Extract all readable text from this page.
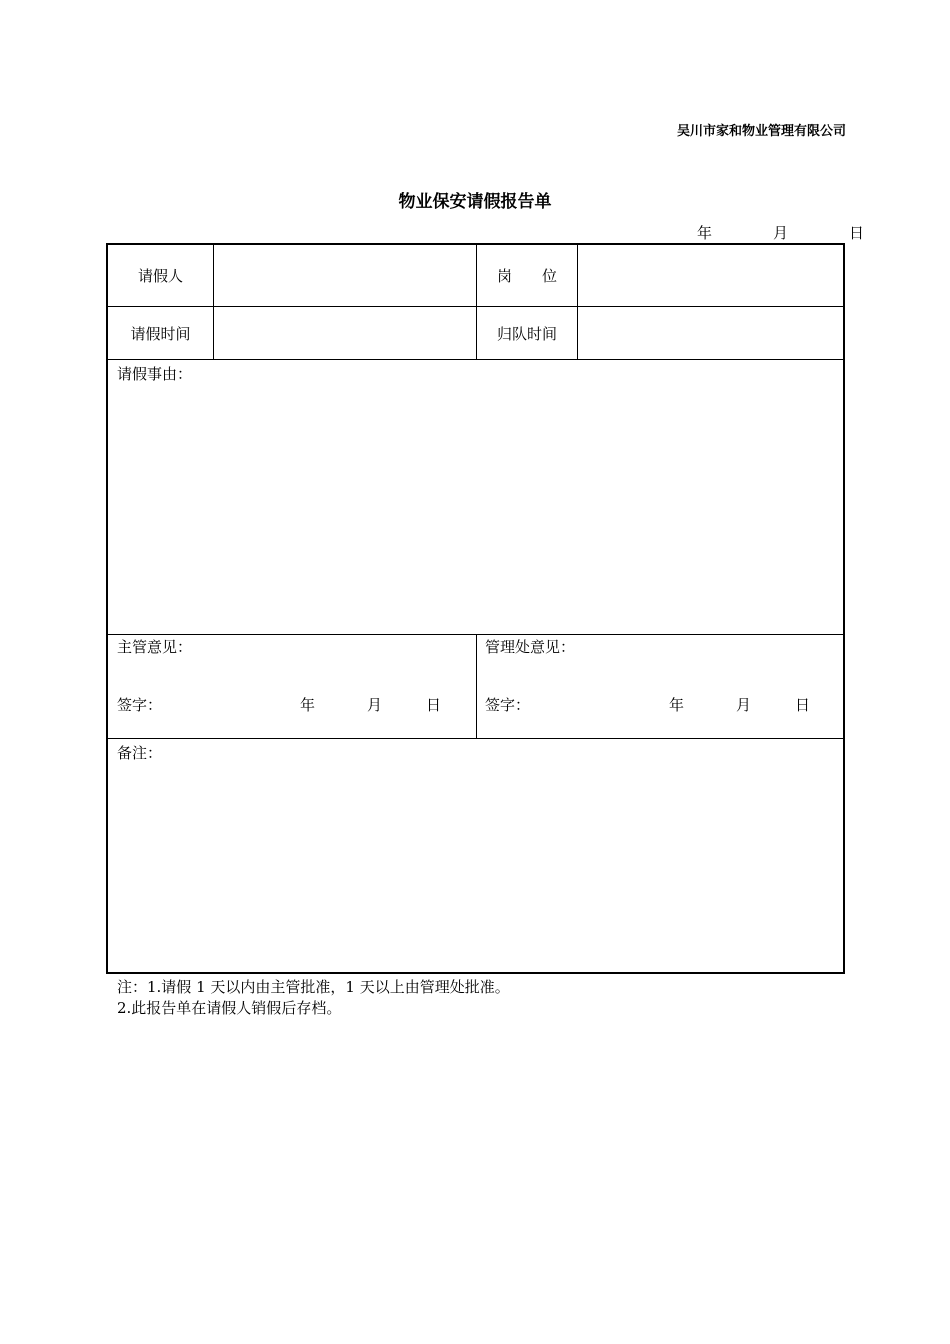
吴川市家和物业管理有限公司
物业保安请假报告单
年	月	日
请假人	岗　　位
请假时间	归队时间
请假事由：
主管意见：
签字：	年	月	日
管理处意见：
签字：	年	月	日
备注：
注：1.请假 1 天以内由主管批准，1 天以上由管理处批准。
2.此报告单在请假人销假后存档。
